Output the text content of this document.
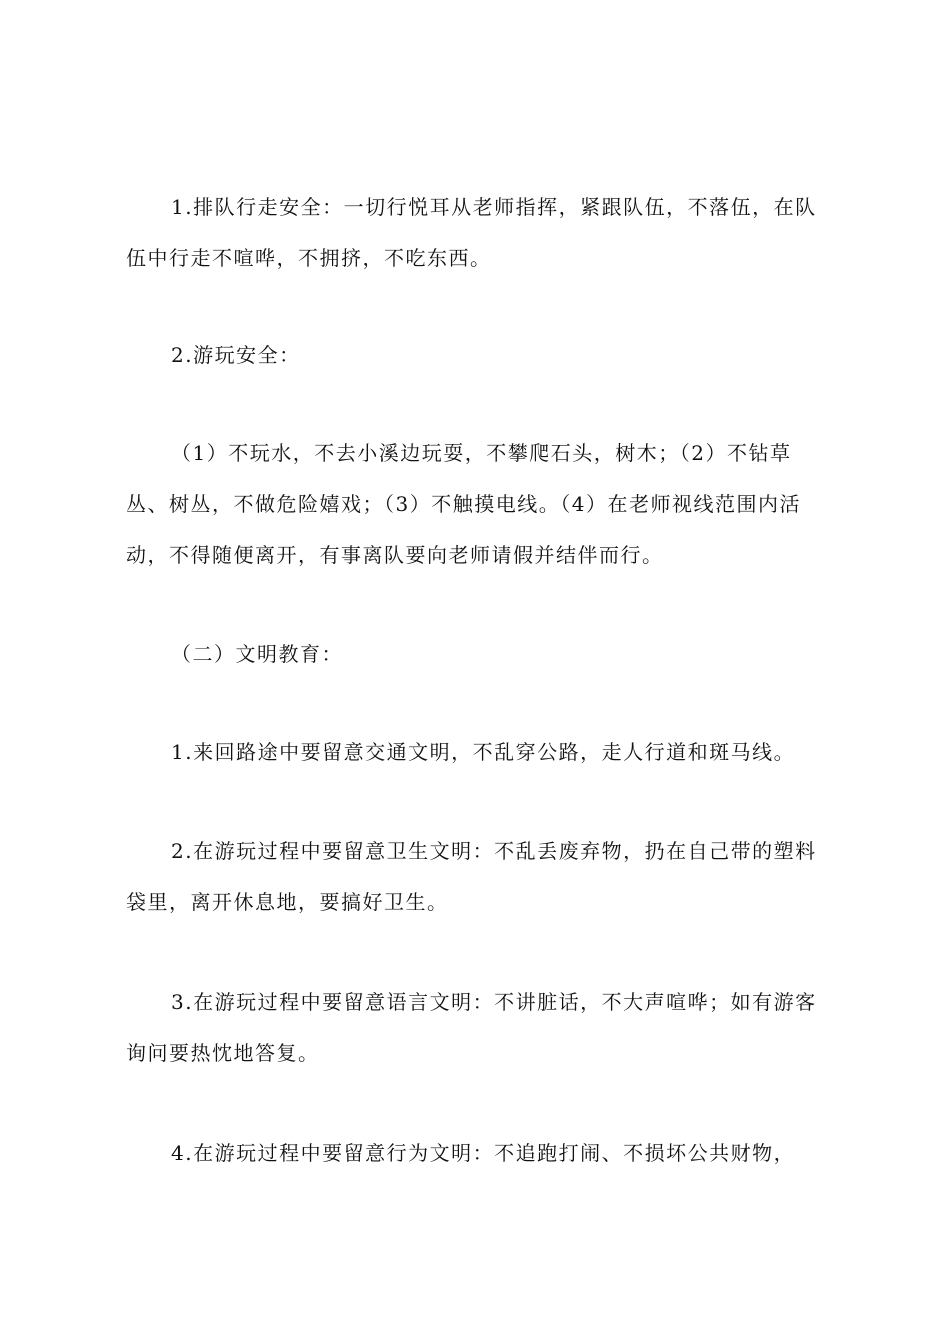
1.排队行走安全：一切行悦耳从老师指挥，紧跟队伍，不落伍，在队伍中行走不喧哗，不拥挤，不吃东西。

2.游玩安全：

（1）不玩水，不去小溪边玩耍，不攀爬石头，树木；（2）不钻草丛、树丛，不做危险嬉戏；（3）不触摸电线。（4）在老师视线范围内活动，不得随便离开，有事离队要向老师请假并结伴而行。

（二）文明教育：

1.来回路途中要留意交通文明，不乱穿公路，走人行道和斑马线。

2.在游玩过程中要留意卫生文明：不乱丢废弃物，扔在自己带的塑料袋里，离开休息地，要搞好卫生。

3.在游玩过程中要留意语言文明：不讲脏话，不大声喧哗；如有游客询问要热忱地答复。

4.在游玩过程中要留意行为文明：不追跑打闹、不损坏公共财物，
